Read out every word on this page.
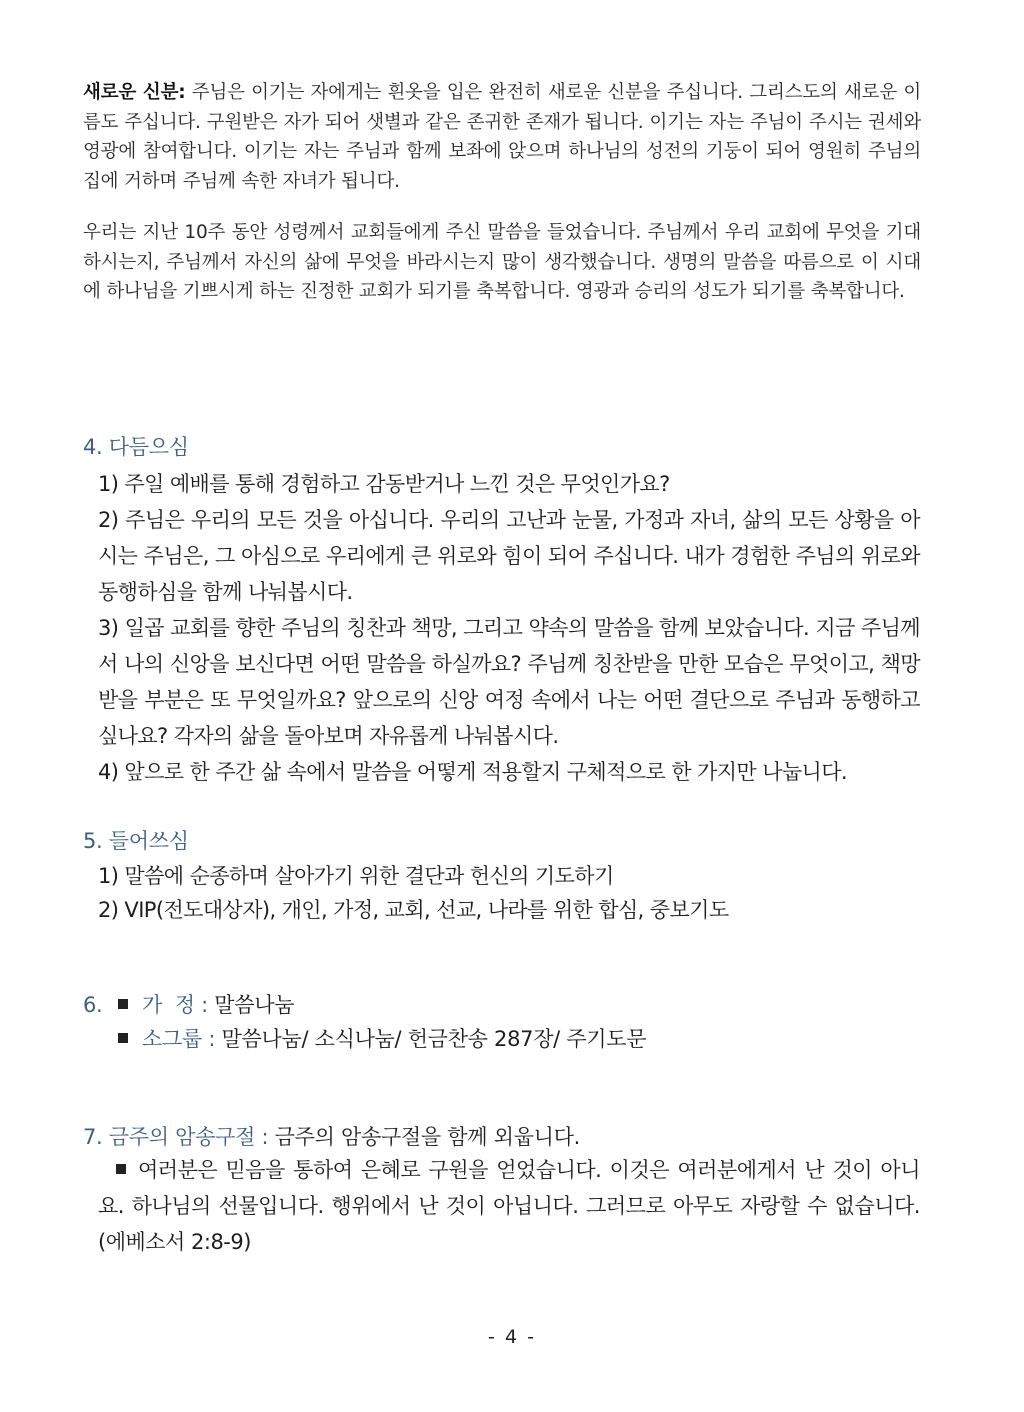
새로운 신분: 주님은 이기는 자에게는 흰옷을 입은 완전히 새로운 신분을 주십니다. 그리스도의 새로운 이름도 주십니다. 구원받은 자가 되어 샛별과 같은 존귀한 존재가 됩니다. 이기는 자는 주님이 주시는 권세와 영광에 참여합니다. 이기는 자는 주님과 함께 보좌에 앉으며 하나님의 성전의 기둥이 되어 영원히 주님의 집에 거하며 주님께 속한 자녀가 됩니다.
우리는 지난 10주 동안 성령께서 교회들에게 주신 말씀을 들었습니다. 주님께서 우리 교회에 무엇을 기대하시는지, 주님께서 자신의 삶에 무엇을 바라시는지 많이 생각했습니다. 생명의 말씀을 따름으로 이 시대에 하나님을 기쁘시게 하는 진정한 교회가 되기를 축복합니다. 영광과 승리의 성도가 되기를 축복합니다.
4. 다듬으심
1) 주일 예배를 통해 경험하고 감동받거나 느낀 것은 무엇인가요?
2) 주님은 우리의 모든 것을 아십니다. 우리의 고난과 눈물, 가정과 자녀, 삶의 모든 상황을 아시는 주님은, 그 아심으로 우리에게 큰 위로와 힘이 되어 주십니다. 내가 경험한 주님의 위로와 동행하심을 함께 나눠봅시다.
3) 일곱 교회를 향한 주님의 칭찬과 책망, 그리고 약속의 말씀을 함께 보았습니다. 지금 주님께서 나의 신앙을 보신다면 어떤 말씀을 하실까요? 주님께 칭찬받을 만한 모습은 무엇이고, 책망받을 부분은 또 무엇일까요? 앞으로의 신앙 여정 속에서 나는 어떤 결단으로 주님과 동행하고 싶나요? 각자의 삶을 돌아보며 자유롭게 나눠봅시다.
4) 앞으로 한 주간 삶 속에서 말씀을 어떻게 적용할지 구체적으로 한 가지만 나눕니다.
5. 들어쓰심
1) 말씀에 순종하며 살아가기 위한 결단과 헌신의 기도하기
2) VIP(전도대상자), 개인, 가정, 교회, 선교, 나라를 위한 합심, 중보기도
6.	가  정 : 말씀나눔
소그룹 : 말씀나눔/ 소식나눔/ 헌금찬송 287장/ 주기도문
7. 금주의 암송구절 : 금주의 암송구절을 함께 외웁니다.
여러분은 믿음을 통하여 은혜로 구원을 얻었습니다. 이것은 여러분에게서 난 것이 아니요. 하나님의 선물입니다. 행위에서 난 것이 아닙니다. 그러므로 아무도 자랑할 수 없습니다.(에베소서 2:8-9)
- 4 -
